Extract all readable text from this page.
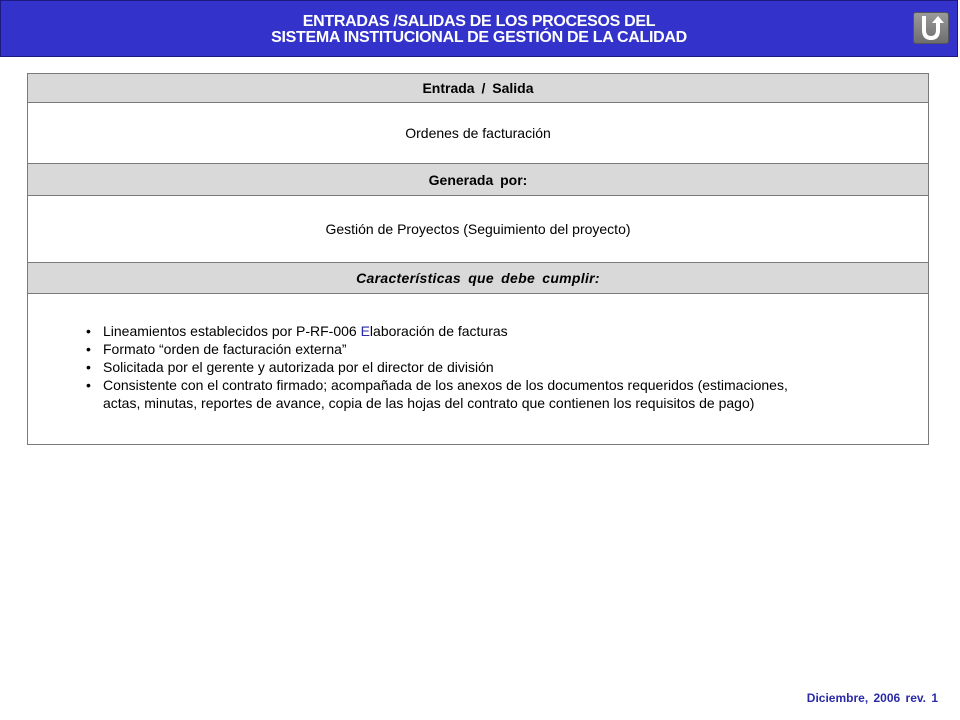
ENTRADAS /SALIDAS DE LOS PROCESOS DEL
SISTEMA INSTITUCIONAL DE GESTIÓN DE LA CALIDAD
Entrada / Salida
Ordenes de facturación
Generada por:
Gestión de Proyectos (Seguimiento del proyecto)
Características que debe cumplir:
• Lineamientos establecidos por P-RF-006 Elaboración de facturas
• Formato “orden de facturación externa”
• Solicitada por el gerente y autorizada por el director de división
• Consistente con el contrato firmado; acompañada de los anexos de los documentos requeridos (estimaciones,
actas, minutas, reportes de avance, copia de las hojas del contrato que contienen los requisitos de pago)
Diciembre, 2006 rev. 1
